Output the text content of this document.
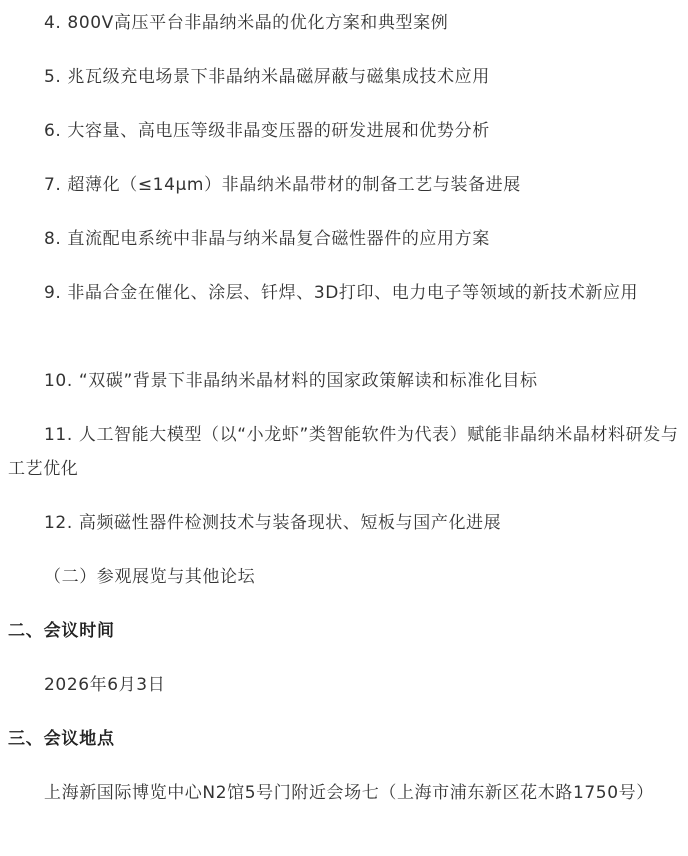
4. 800V高压平台非晶纳米晶的优化方案和典型案例

5. 兆瓦级充电场景下非晶纳米晶磁屏蔽与磁集成技术应用

6. 大容量、高电压等级非晶变压器的研发进展和优势分析

7. 超薄化（≤14μm）非晶纳米晶带材的制备工艺与装备进展

8. 直流配电系统中非晶与纳米晶复合磁性器件的应用方案

9. 非晶合金在催化、涂层、钎焊、3D打印、电力电子等领域的新技术新应用

10. “双碳”背景下非晶纳米晶材料的国家政策解读和标准化目标

11. 人工智能大模型（以“小龙虾”类智能软件为代表）赋能非晶纳米晶材料研发与工艺优化

12. 高频磁性器件检测技术与装备现状、短板与国产化进展

（二）参观展览与其他论坛

二、会议时间

2026年6月3日

三、会议地点

上海新国际博览中心N2馆5号门附近会场七（上海市浦东新区花木路1750号）
